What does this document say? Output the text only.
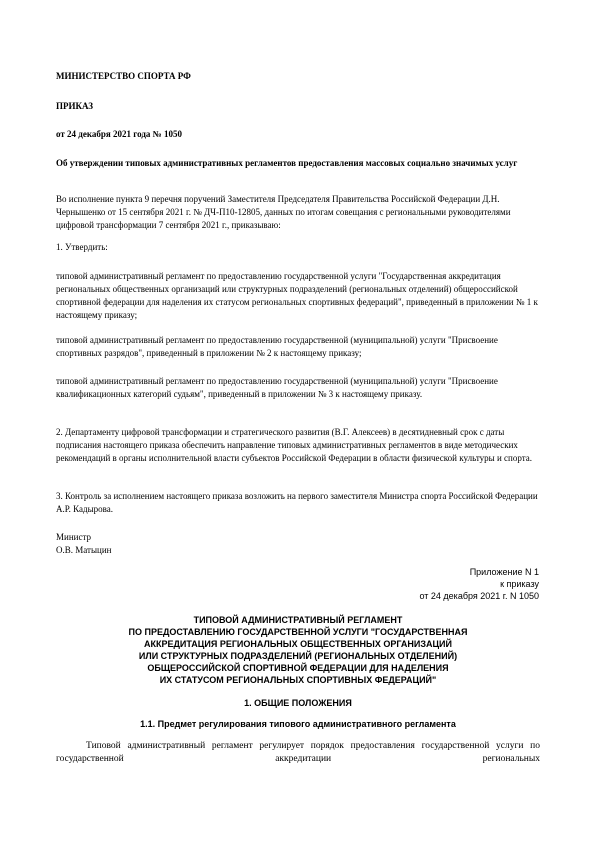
МИНИСТЕРСТВО СПОРТА РФ

ПРИКАЗ

от 24 декабря 2021 года № 1050

Об утверждении типовых административных регламентов предоставления массовых социально значимых услуг

Во исполнение пункта 9 перечня поручений Заместителя Председателя Правительства Российской Федерации Д.Н. Чернышенко от 15 сентября 2021 г. № ДЧ-П10-12805, данных по итогам совещания с региональными руководителями цифровой трансформации 7 сентября 2021 г., приказываю:

1. Утвердить:

типовой административный регламент по предоставлению государственной услуги "Государственная аккредитация региональных общественных организаций или структурных подразделений (региональных отделений) общероссийской спортивной федерации для наделения их статусом региональных спортивных федераций", приведенный в приложении № 1 к настоящему приказу;

типовой административный регламент по предоставлению государственной (муниципальной) услуги "Присвоение спортивных разрядов", приведенный в приложении № 2 к настоящему приказу;

типовой административный регламент по предоставлению государственной (муниципальной) услуги "Присвоение квалификационных категорий судьям", приведенный в приложении № 3 к настоящему приказу.

2. Департаменту цифровой трансформации и стратегического развития (В.Г. Алексеев) в десятидневный срок с даты подписания настоящего приказа обеспечить направление типовых административных регламентов в виде методических рекомендаций в органы исполнительной власти субъектов Российской Федерации в области физической культуры и спорта.

3. Контроль за исполнением настоящего приказа возложить на первого заместителя Министра спорта Российской Федерации А.Р. Кадырова.

Министр

О.В. Матыцин

Приложение N 1
к приказу
от 24 декабря 2021 г. N 1050
ТИПОВОЙ АДМИНИСТРАТИВНЫЙ РЕГЛАМЕНТ
ПО ПРЕДОСТАВЛЕНИЮ ГОСУДАРСТВЕННОЙ УСЛУГИ "ГОСУДАРСТВЕННАЯ
АККРЕДИТАЦИЯ РЕГИОНАЛЬНЫХ ОБЩЕСТВЕННЫХ ОРГАНИЗАЦИЙ
ИЛИ СТРУКТУРНЫХ ПОДРАЗДЕЛЕНИЙ (РЕГИОНАЛЬНЫХ ОТДЕЛЕНИЙ)
ОБЩЕРОССИЙСКОЙ СПОРТИВНОЙ ФЕДЕРАЦИИ ДЛЯ НАДЕЛЕНИЯ
ИХ СТАТУСОМ РЕГИОНАЛЬНЫХ СПОРТИВНЫХ ФЕДЕРАЦИЙ"
1. ОБЩИЕ ПОЛОЖЕНИЯ
1.1. Предмет регулирования типового административного регламента

Типовой административный регламент регулирует порядок предоставления государственной услуги по государственной аккредитации региональных
